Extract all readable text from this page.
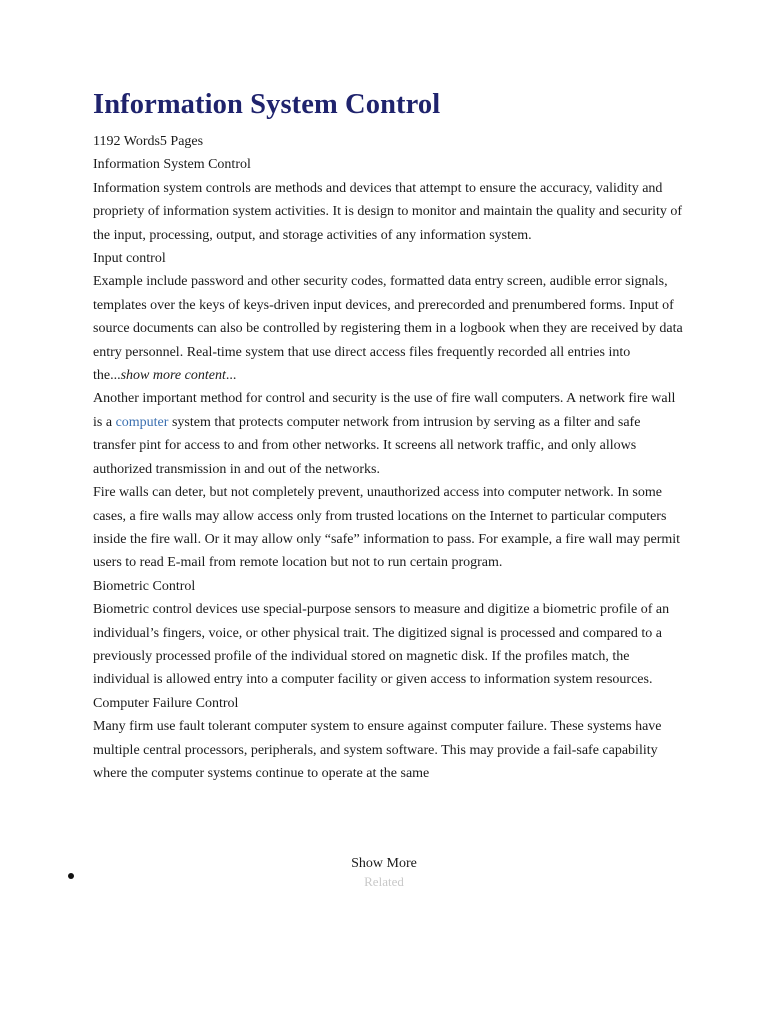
Information System Control

1192 Words5 Pages

Information System Control

Information system controls are methods and devices that attempt to ensure the accuracy, validity and propriety of information system activities. It is design to monitor and maintain the quality and security of the input, processing, output, and storage activities of any information system.

Input control

Example include password and other security codes, formatted data entry screen, audible error signals, templates over the keys of keys-driven input devices, and prerecorded and prenumbered forms. Input of source documents can also be controlled by registering them in a logbook when they are received by data entry personnel. Real-time system that use direct access files frequently recorded all entries into the...show more content...

Another important method for control and security is the use of fire wall computers. A network fire wall is a computer system that protects computer network from intrusion by serving as a filter and safe transfer pint for access to and from other networks. It screens all network traffic, and only allows authorized transmission in and out of the networks.

Fire walls can deter, but not completely prevent, unauthorized access into computer network. In some cases, a fire walls may allow access only from trusted locations on the Internet to particular computers inside the fire wall. Or it may allow only “safe” information to pass. For example, a fire wall may permit users to read E-mail from remote location but not to run certain program.

Biometric Control

Biometric control devices use special-purpose sensors to measure and digitize a biometric profile of an individual’s fingers, voice, or other physical trait. The digitized signal is processed and compared to a previously processed profile of the individual stored on magnetic disk. If the profiles match, the individual is allowed entry into a computer facility or given access to information system resources.

Computer Failure Control

Many firm use fault tolerant computer system to ensure against computer failure. These systems have multiple central processors, peripherals, and system software. This may provide a fail-safe capability where the computer systems continue to operate at the same

Show More
Related
